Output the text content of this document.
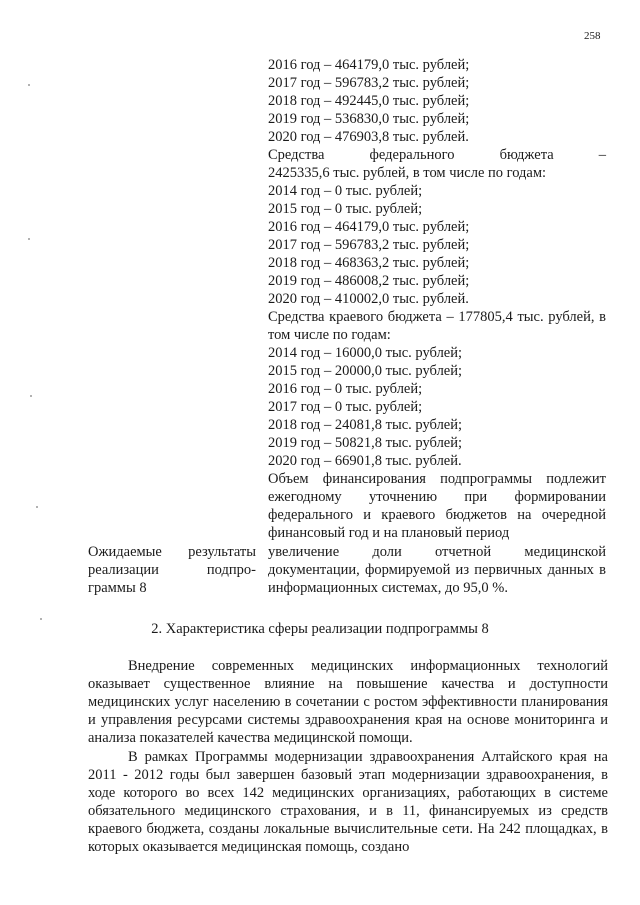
258
2016 год – 464179,0 тыс. рублей;
2017 год – 596783,2 тыс. рублей;
2018 год – 492445,0 тыс. рублей;
2019 год – 536830,0 тыс. рублей;
2020 год – 476903,8 тыс. рублей.
Средства федерального бюджета –
2425335,6 тыс. рублей, в том числе по годам:
2014 год – 0 тыс. рублей;
2015 год – 0 тыс. рублей;
2016 год – 464179,0 тыс. рублей;
2017 год – 596783,2 тыс. рублей;
2018 год – 468363,2 тыс. рублей;
2019 год – 486008,2 тыс. рублей;
2020 год – 410002,0 тыс. рублей.
Средства краевого бюджета – 177805,4 тыс. рублей, в том числе по годам:
2014 год – 16000,0 тыс. рублей;
2015 год – 20000,0 тыс. рублей;
2016 год – 0 тыс. рублей;
2017 год – 0 тыс. рублей;
2018 год – 24081,8 тыс. рублей;
2019 год – 50821,8 тыс. рублей;
2020 год – 66901,8 тыс. рублей.
Объем финансирования подпрограммы подлежит ежегодному уточнению при формировании федерального и краевого бюджетов на очередной финансовый год и на плановый период
Ожидаемые результаты
реализации подпро-
граммы 8
увеличение доли отчетной медицинской документации, формируемой из первичных данных в информационных системах, до 95,0 %.
2. Характеристика сферы реализации подпрограммы 8

Внедрение современных медицинских информационных технологий оказывает существенное влияние на повышение качества и доступности медицинских услуг населению в сочетании с ростом эффективности планирования и управления ресурсами системы здравоохранения края на основе мониторинга и анализа показателей качества медицинской помощи.

В рамках Программы модернизации здравоохранения Алтайского края на 2011 - 2012 годы был завершен базовый этап модернизации здравоохранения, в ходе которого во всех 142 медицинских организациях, работающих в системе обязательного медицинского страхования, и в 11, финансируемых из средств краевого бюджета, созданы локальные вычислительные сети. На 242 площадках, в которых оказывается медицинская помощь, создано
